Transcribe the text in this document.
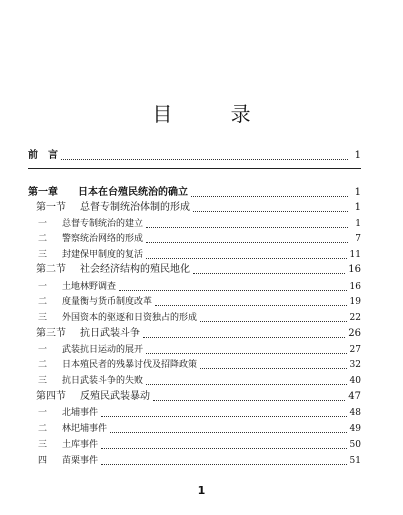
目 录
前　言	1
第一章	日本在台殖民统治的确立	1
第一节	总督专制统治体制的形成	1
一	总督专制统治的建立	1
二	警察统治网络的形成	7
三	封建保甲制度的复活	11
第二节	社会经济结构的殖民地化	16
一	土地林野调查	16
二	度量衡与货币制度改革	19
三	外国资本的驱逐和日资独占的形成	22
第三节	抗日武装斗争	26
一	武装抗日运动的展开	27
二	日本殖民者的残暴讨伐及招降政策	32
三	抗日武装斗争的失败	40
第四节	反殖民武装暴动	47
一	北埔事件	48
二	林圯埔事件	49
三	土库事件	50
四	苗栗事件	51
1
